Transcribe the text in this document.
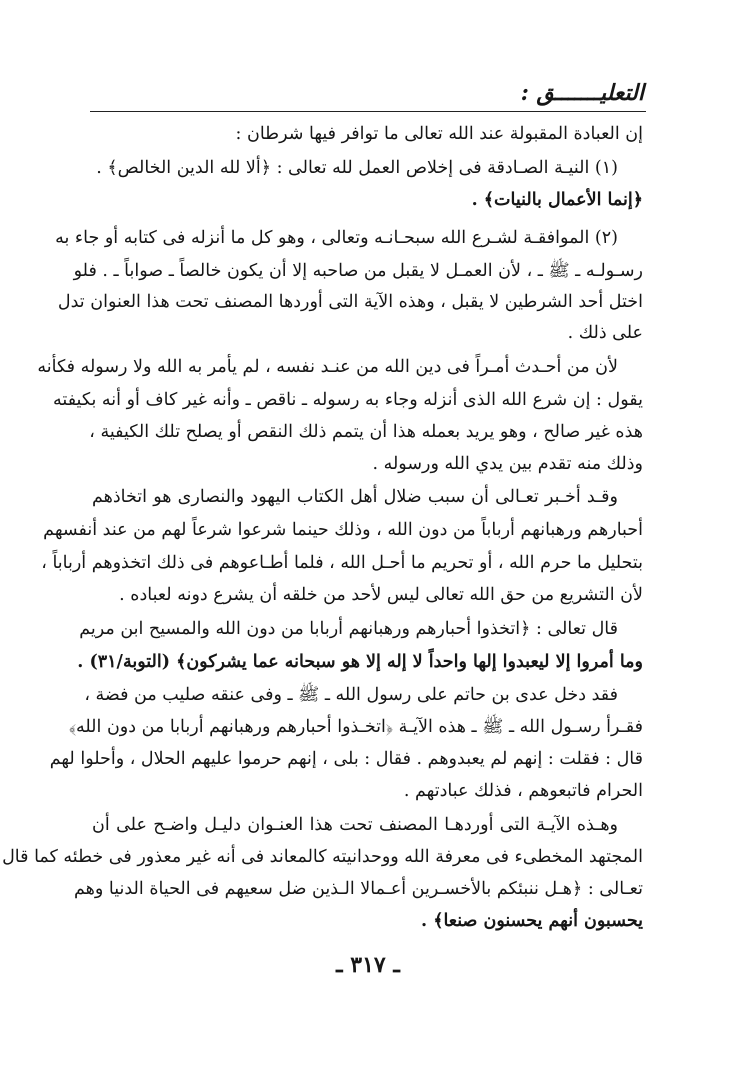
التعليـــــــق :
إن العبادة المقبولة عند الله تعالى ما توافر فيها شرطان :
(١) النيـة الصـادقة فى إخلاص العمل لله تعالى : ﴿ألا لله الدين الخالص﴾ .
﴿إنما الأعمال بالنيات﴾ .
(٢) الموافقـة لشـرع الله سبحـانـه وتعالى ، وهو كل ما أنزله فى كتابه أو جاء به
رسـولـه ـ ﷺ ـ ، لأن العمـل لا يقبل من صاحبه إلا أن يكون خالصاً ـ صواباً ـ . فلو
اختل أحد الشرطين لا يقبل ، وهذه الآية التى أوردها المصنف تحت هذا العنوان تدل
على ذلك .
لأن من أحـدث أمـراً فى دين الله من عنـد نفسه ، لم يأمر به الله ولا رسوله فكأنه
يقول : إن شرع الله الذى أنزله وجاء به رسوله ـ ناقص ـ وأنه غير كاف أو أنه بكيفته
هذه غير صالح ، وهو يريد بعمله هذا أن يتمم ذلك النقص أو يصلح تلك الكيفية ،
وذلك منه تقدم بين يدي الله ورسوله .
وقـد أخـبر تعـالى أن سبب ضلال أهل الكتاب اليهود والنصارى هو اتخاذهم
أحبارهم ورهبانهم أرباباً من دون الله ، وذلك حينما شرعوا شرعاً لهم من عند أنفسهم
بتحليل ما حرم الله ، أو تحريم ما أحـل الله ، فلما أطـاعوهم فى ذلك اتخذوهم أرباباً ،
لأن التشريع من حق الله تعالى ليس لأحد من خلقه أن يشرع دونه لعباده .
قال تعالى : ﴿اتخذوا أحبارهم ورهبانهم أربابا من دون الله والمسيح ابن مريم
وما أمروا إلا ليعبدوا إلها واحداً لا إله إلا هو سبحانه عما يشركون﴾ (التوبة/٣١) .
فقد دخل عدى بن حاتم على رسول الله ـ ﷺ ـ وفى عنقه صليب من فضة ،
فقـرأ رسـول الله ـ ﷺ ـ هذه الآيـة ﴿اتخـذوا أحبارهم ورهبانهم أربابا من دون الله﴾
قال : فقلت : إنهم لم يعبدوهم . فقال : بلى ، إنهم حرموا عليهم الحلال ، وأحلوا لهم
الحرام فاتبعوهم ، فذلك عبادتهم .
وهـذه الآيـة التى أوردهـا المصنف تحت هذا العنـوان دليـل واضـح على أن
المجتهد المخطىء فى معرفة الله ووحدانيته كالمعاند فى أنه غير معذور فى خطئه كما قال
تعـالى : ﴿هـل ننبئكم بالأخسـرين أعـمالا الـذين ضل سعيهم فى الحياة الدنيا وهم
يحسبون أنهم يحسنون صنعا﴾ .
ـ ٣١٧ ـ
